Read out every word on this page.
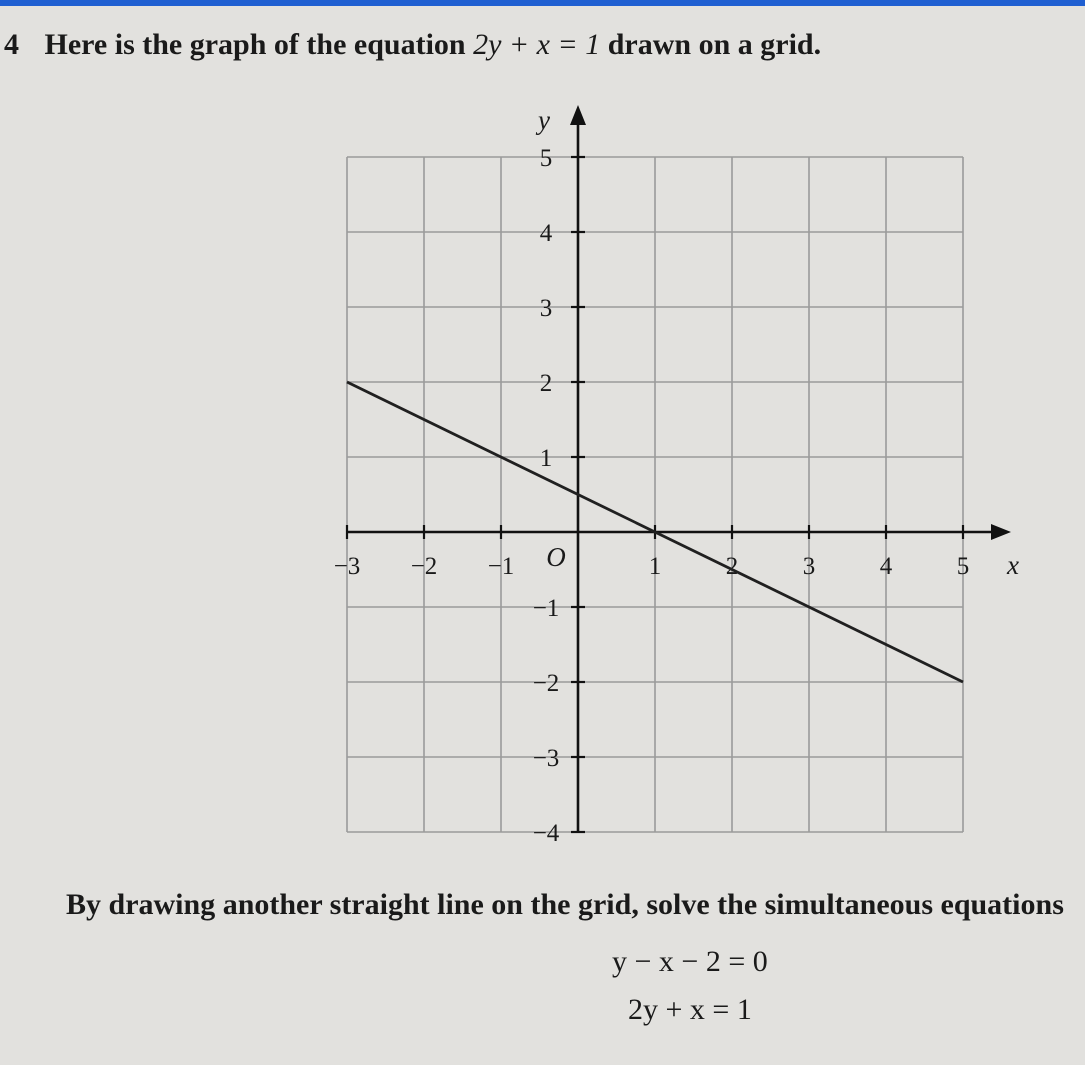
4 Here is the graph of the equation 2y + x = 1 drawn on a grid.
−3 −2 −1	1	2	3	4	5
5
4
3
2
1
−1
−2
−3
−4
x
y
O
By drawing another straight line on the grid, solve the simultaneous equations
y − x − 2 = 0
2y + x = 1
